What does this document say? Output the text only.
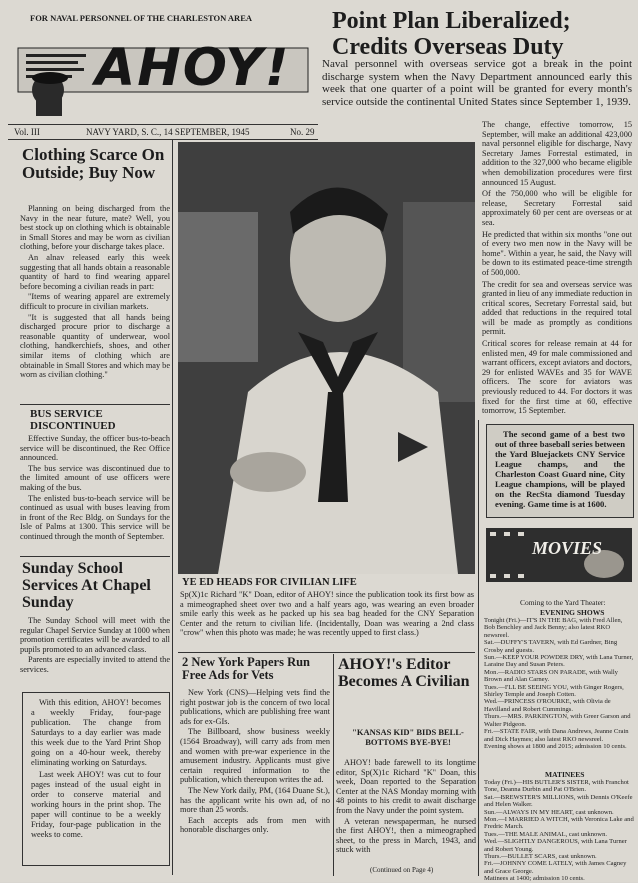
FOR NAVAL PERSONNEL OF THE CHARLESTON AREA
AHOY!
Vol. III	NAVY YARD, S. C., 14 SEPTEMBER, 1945	No. 29
Point Plan Liberalized;
Credits Overseas Duty
Naval personnel with overseas service got a break in the point discharge system when the Navy Department announced early this week that one quarter of a point will be granted for every month's service outside the continental United States since September 1, 1939.

The change, effective tomorrow, 15 September, will make an additional 423,000 naval personnel eligible for discharge, Navy Secretary James Forrestal estimated, in addition to the 327,000 who became eligible when demobilization procedures were first announced 15 August.

Of the 750,000 who will be eligible for release, Secretary Forrestal said approximately 60 per cent are overseas or at sea.

He predicted that within six months "one out of every two men now in the Navy will be home". Within a year, he said, the Navy will be down to its estimated peace-time strength of 500,000.

The credit for sea and overseas service was granted in lieu of any immediate reduction in critical scores, Secretary Forrestal said, but added that reductions in the required total will be made as promptly as conditions permit.

Critical scores for release remain at 44 for enlisted men, 49 for male commissioned and warrant officers, except aviators and doctors, 29 for enlisted WAVEs and 35 for WAVE officers. The score for aviators was previously reduced to 44. For doctors it was fixed for the first time at 60, effective tomorrow, 15 September.

Clothing Scarce On Outside; Buy Now

Planning on being discharged from the Navy in the near future, mate? Well, you best stock up on clothing which is obtainable in Small Stores and may be worn as civilian clothing, before your discharge takes place.

An alnav released early this week suggesting that all hands obtain a reasonable quantity of hard to find wearing apparel before becoming a civilian reads in part:

"Items of wearing apparel are extremely difficult to procure in civilian markets.

"It is suggested that all hands being discharged procure prior to discharge a reasonable quantity of underwear, wool clothing, handkerchiefs, shoes, and other similar items of clothing which are obtainable in Small Stores and which may be worn as civilian clothing."

BUS SERVICE DISCONTINUED

Effective Sunday, the officer bus-to-beach service will be discontinued, the Rec Office announced.

The bus service was discontinued due to the limited amount of use officers were making of the bus.

The enlisted bus-to-beach service will be continued as usual with buses leaving from in front of the Rec Bldg. on Sundays for the Isle of Palms at 1300. This service will be continued through the month of September.

Sunday School Services At Chapel Sunday

The Sunday School will meet with the regular Chapel Service Sunday at 1000 when promotion certificates will be awarded to all pupils promoted to an advanced class.

Parents are especially invited to attend the services.

With this edition, AHOY! becomes a weekly Friday, four-page publication. The change from Saturdays to a day earlier was made this week due to the Yard Print Shop going on a 40-hour week, thereby eliminating working on Saturdays.

Last week AHOY! was cut to four pages instead of the usual eight in order to conserve material and working hours in the print shop. The paper will continue to be a weekly Friday, four-page publication in the weeks to come.

YE ED HEADS FOR CIVILIAN LIFE
Sp(X)1c Richard "K" Doan, editor of AHOY! since the publication took its first bow as a mimeographed sheet over two and a half years ago, was wearing an even broader smile early this week as he packed up his sea bag headed for the CNY Separation Center and the return to civilian life. (Incidentally, Doan was wearing a 2nd class "crow" when this photo was made; he was recently upped to first class.)
2 New York Papers Run Free Ads for Vets

New York (CNS)—Helping vets find the right postwar job is the concern of two local publications, which are publishing free want ads for ex-GIs.

The Billboard, show business weekly (1564 Broadway), will carry ads from men and women with pre-war experience in the amusement industry. Applicants must give certain required information to the publication, which thereupon writes the ad.

The New York daily, PM, (164 Duane St.), has the applicant write his own ad, of no more than 25 words.

Each accepts ads from men with honorable discharges only.

AHOY!'s Editor Becomes A Civilian
"KANSAS KID" BIDS BELL-BOTTOMS BYE-BYE!

AHOY! bade farewell to its longtime editor, Sp(X)1c Richard "K" Doan, this week, Doan reported to the Separation Center at the NAS Monday morning with 48 points to his credit to await discharge from the Navy under the point system.

A veteran newspaperman, he nursed the first AHOY!, then a mimeographed sheet, to the press in March, 1943, and stuck with

(Continued on Page 4)
The second game of a best two out of three baseball series between the Yard Bluejackets CNY Service League champs, and the Charleston Coast Guard nine, City League champions, will be played on the RecSta diamond Tuesday evening. Game time is at 1600.
MOVIES
Coming to the Yard Theater:
EVENING SHOWS

Tonight (Fri.)—IT'S IN THE BAG, with Fred Allen, Bob Benchley and Jack Benny; also latest RKO newsreel.

Sat.—DUFFY'S TAVERN, with Ed Gardner, Bing Crosby and guests.

Sun.—KEEP YOUR POWDER DRY, with Lana Turner, Laraine Day and Susan Peters.

Mon.—RADIO STARS ON PARADE, with Wally Brown and Alan Carney.

Tues.—I'LL BE SEEING YOU, with Ginger Rogers, Shirley Temple and Joseph Cotten.

Wed.—PRINCESS O'ROURKE, with Olivia de Havilland and Robert Cummings.

Thurs.—MRS. PARKINGTON, with Greer Garson and Walter Pidgeon.

Fri.—STATE FAIR, with Dana Andrews, Jeanne Crain and Dick Haymes; also latest RKO newsreel.

Evening shows at 1800 and 2015; admission 10 cents.

MATINEES

Today (Fri.)—HIS BUTLER'S SISTER, with Franchot Tone, Deanna Durbin and Pat O'Brien.

Sat.—BREWSTER'S MILLIONS, with Dennis O'Keefe and Helen Walker.

Sun.—ALWAYS IN MY HEART, cast unknown.

Mon.—I MARRIED A WITCH, with Veronica Lake and Fredric March.

Tues.—THE MALE ANIMAL, cast unknown.

Wed.—SLIGHTLY DANGEROUS, with Lana Turner and Robert Young.

Thurs.—BULLET SCARS, cast unknown.

Fri.—JOHNNY COME LATELY, with James Cagney and Grace George.

Matinees at 1400; admission 10 cents.
